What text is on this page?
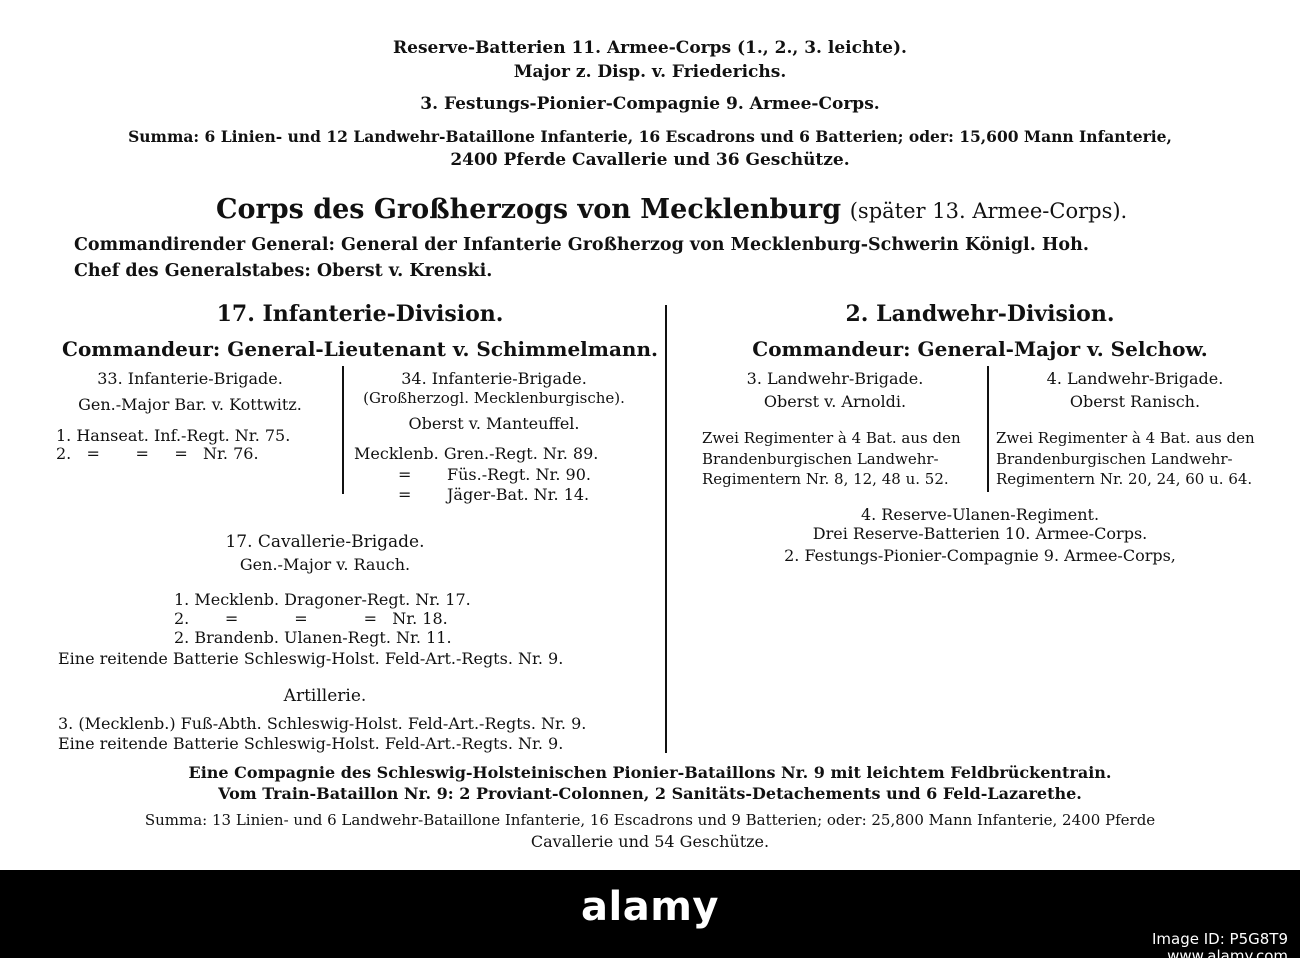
Reserve-Batterien 11. Armee-Corps (1., 2., 3. leichte).
Major z. Disp. v. Friederichs.
3. Festungs-Pionier-Compagnie 9. Armee-Corps.
Summa: 6 Linien- und 12 Landwehr-Bataillone Infanterie, 16 Escadrons und 6 Batterien; oder: 15,600 Mann Infanterie,
2400 Pferde Cavallerie und 36 Geschütze.
Corps des Großherzogs von Mecklenburg (später 13. Armee-Corps).
Commandirender General: General der Infanterie Großherzog von Mecklenburg-Schwerin Königl. Hoh.
Chef des Generalstabes: Oberst v. Krenski.
17. Infanterie-Division.
Commandeur: General-Lieutenant v. Schimmelmann.
33. Infanterie-Brigade.
Gen.-Major Bar. v. Kottwitz.
1. Hanseat. Inf.-Regt. Nr. 75.
2.   =       =     =   Nr. 76.
34. Infanterie-Brigade.
(Großherzogl. Mecklenburgische).
Oberst v. Manteuffel.
Mecklenb. Gren.-Regt. Nr. 89.
=       Füs.-Regt. Nr. 90.
=       Jäger-Bat. Nr. 14.
17. Cavallerie-Brigade.
Gen.-Major v. Rauch.
1. Mecklenb. Dragoner-Regt. Nr. 17.
2.       =           =           =   Nr. 18.
2. Brandenb. Ulanen-Regt. Nr. 11.
Eine reitende Batterie Schleswig-Holst. Feld-Art.-Regts. Nr. 9.
Artillerie.
3. (Mecklenb.) Fuß-Abth. Schleswig-Holst. Feld-Art.-Regts. Nr. 9.
Eine reitende Batterie Schleswig-Holst. Feld-Art.-Regts. Nr. 9.
2. Landwehr-Division.
Commandeur: General-Major v. Selchow.
3. Landwehr-Brigade.
Oberst v. Arnoldi.
Zwei Regimenter à 4 Bat. aus den
Brandenburgischen Landwehr-
Regimentern Nr. 8, 12, 48 u. 52.
4. Landwehr-Brigade.
Oberst Ranisch.
Zwei Regimenter à 4 Bat. aus den
Brandenburgischen Landwehr-
Regimentern Nr. 20, 24, 60 u. 64.
4. Reserve-Ulanen-Regiment.
Drei Reserve-Batterien 10. Armee-Corps.
2. Festungs-Pionier-Compagnie 9. Armee-Corps,
Eine Compagnie des Schleswig-Holsteinischen Pionier-Bataillons Nr. 9 mit leichtem Feldbrückentrain.
Vom Train-Bataillon Nr. 9: 2 Proviant-Colonnen, 2 Sanitäts-Detachements und 6 Feld-Lazarethe.
Summa: 13 Linien- und 6 Landwehr-Bataillone Infanterie, 16 Escadrons und 9 Batterien; oder: 25,800 Mann Infanterie, 2400 Pferde
Cavallerie und 54 Geschütze.
alamy
Image ID: P5G8T9
www.alamy.com
